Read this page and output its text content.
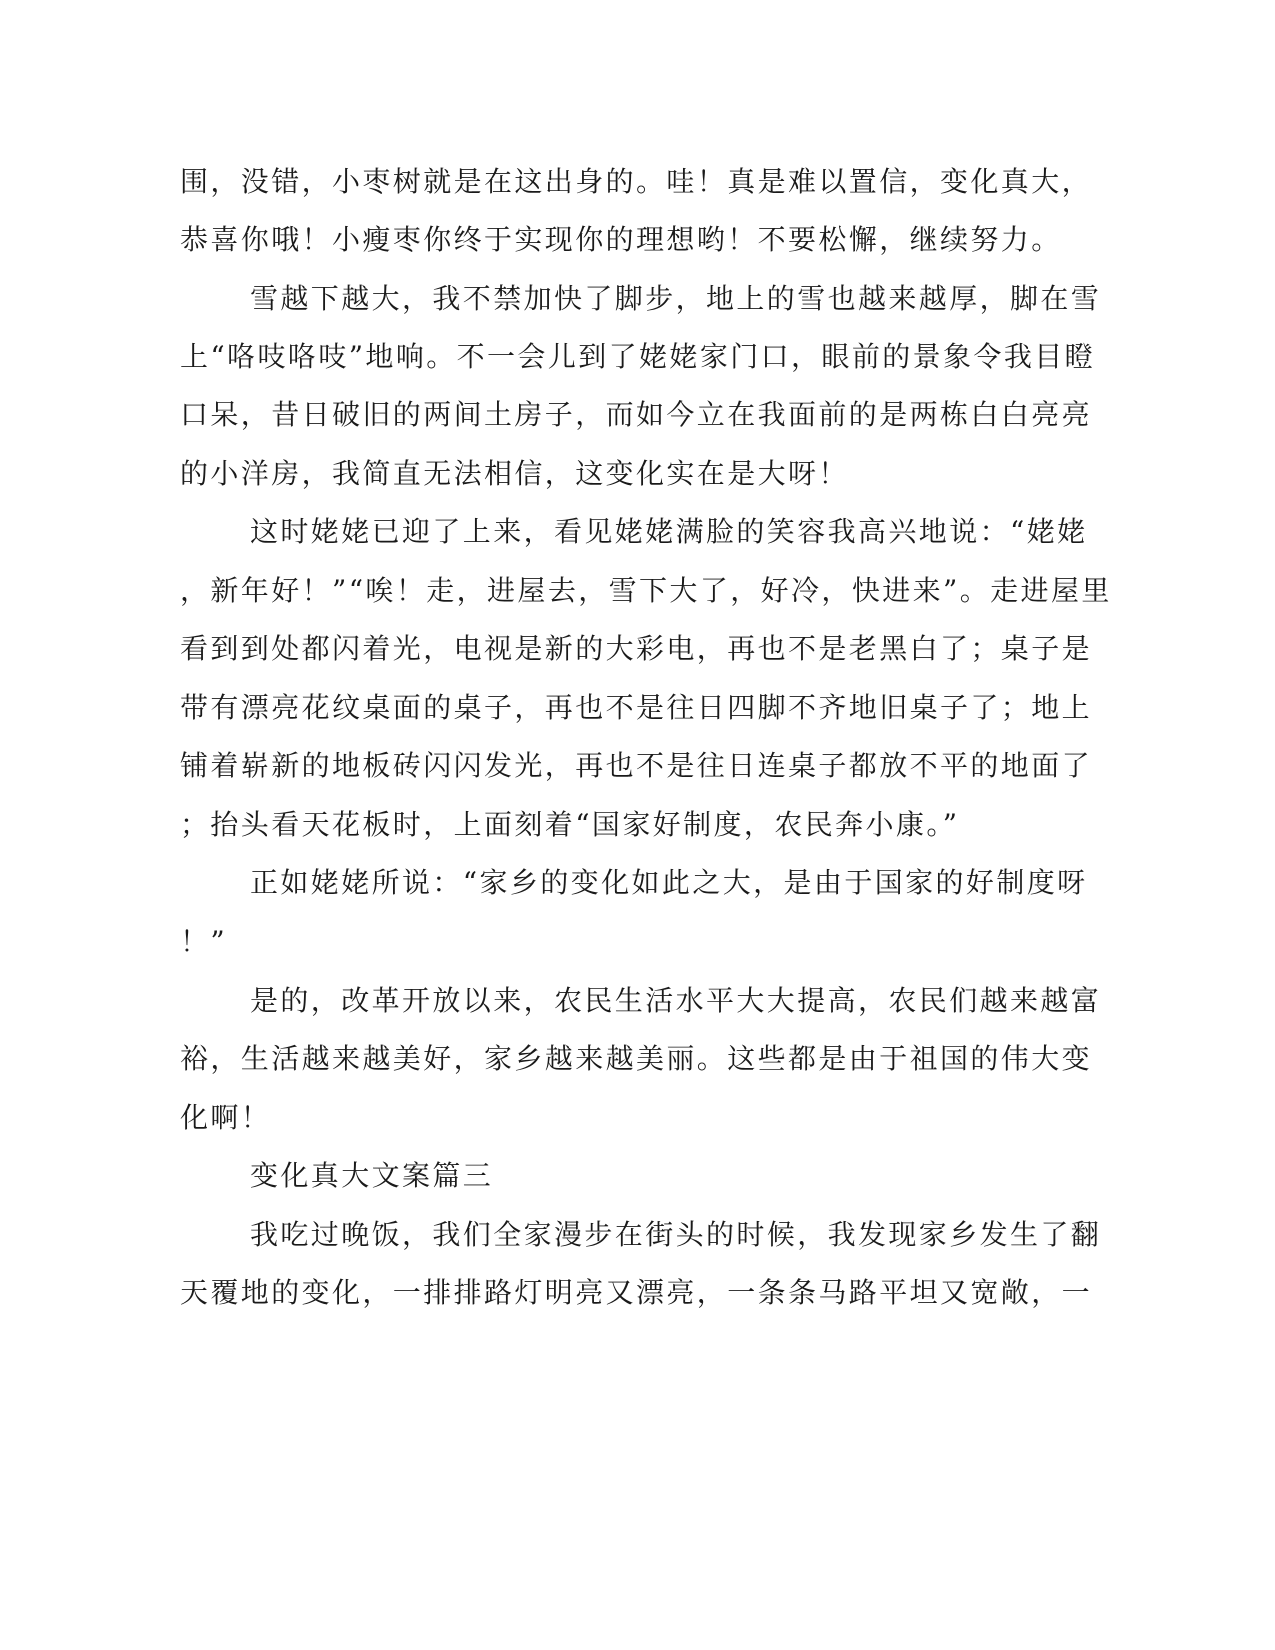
围，没错，小枣树就是在这出身的。哇！真是难以置信，变化真大，
恭喜你哦！小瘦枣你终于实现你的理想哟！不要松懈，继续努力。
雪越下越大，我不禁加快了脚步，地上的雪也越来越厚，脚在雪
上“咯吱咯吱”地响。不一会儿到了姥姥家门口，眼前的景象令我目瞪
口呆，昔日破旧的两间土房子，而如今立在我面前的是两栋白白亮亮
的小洋房，我简直无法相信，这变化实在是大呀！
这时姥姥已迎了上来，看见姥姥满脸的笑容我高兴地说：“姥姥
，新年好！”“唉！走，进屋去，雪下大了，好冷，快进来”。走进屋里
看到到处都闪着光，电视是新的大彩电，再也不是老黑白了；桌子是
带有漂亮花纹桌面的桌子，再也不是往日四脚不齐地旧桌子了；地上
铺着崭新的地板砖闪闪发光，再也不是往日连桌子都放不平的地面了
；抬头看天花板时，上面刻着“国家好制度，农民奔小康。”
正如姥姥所说：“家乡的变化如此之大，是由于国家的好制度呀
！”
是的，改革开放以来，农民生活水平大大提高，农民们越来越富
裕，生活越来越美好，家乡越来越美丽。这些都是由于祖国的伟大变
化啊！
变化真大文案篇三
我吃过晚饭，我们全家漫步在街头的时候，我发现家乡发生了翻
天覆地的变化，一排排路灯明亮又漂亮，一条条马路平坦又宽敞，一
